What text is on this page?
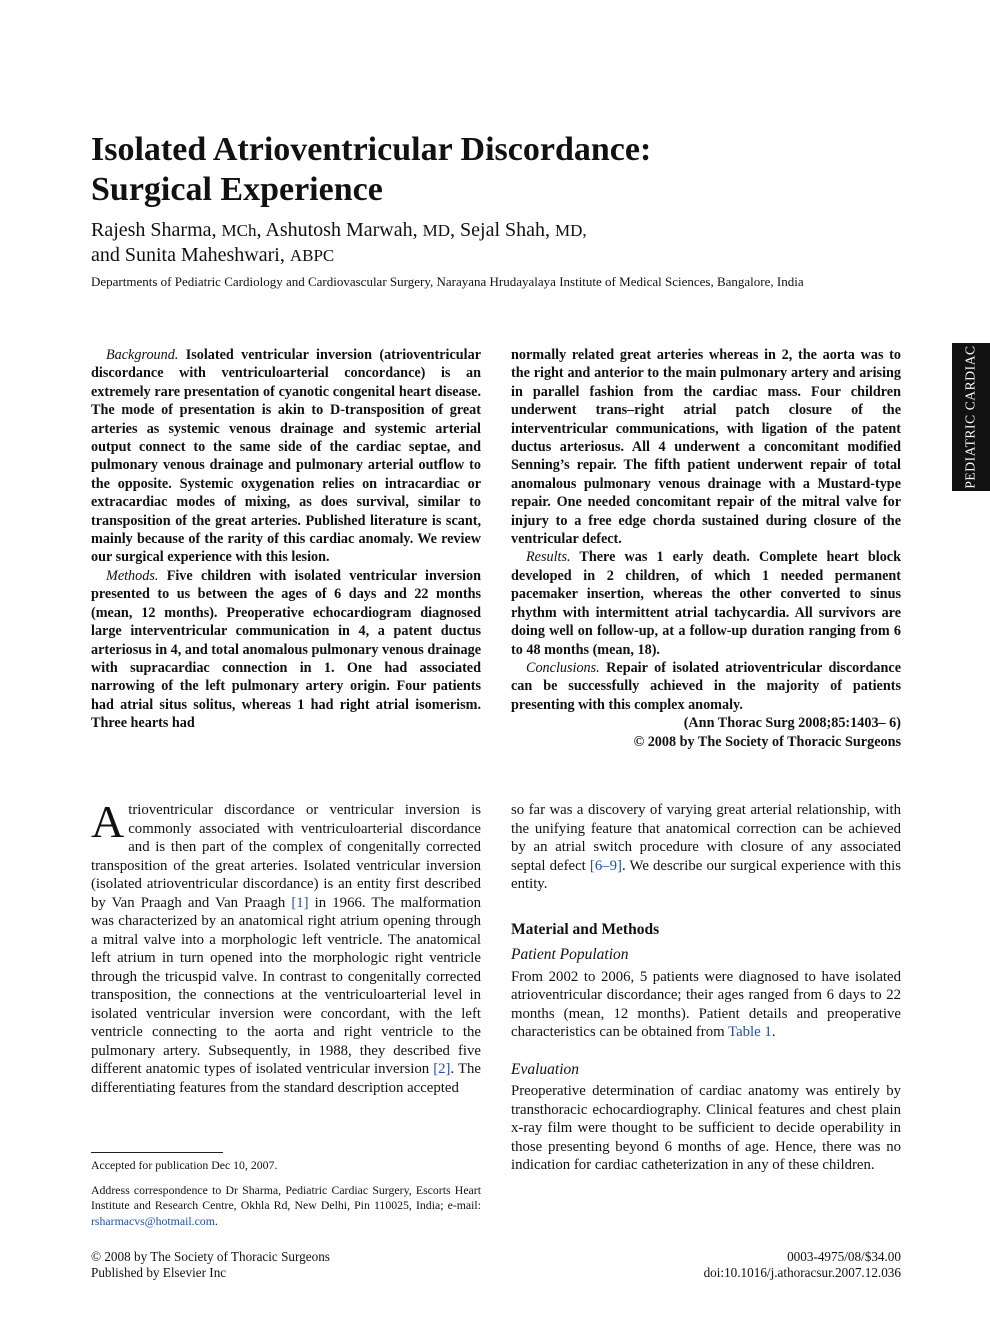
Isolated Atrioventricular Discordance:
Surgical Experience
Rajesh Sharma, MCh, Ashutosh Marwah, MD, Sejal Shah, MD,
and Sunita Maheshwari, ABPC
Departments of Pediatric Cardiology and Cardiovascular Surgery, Narayana Hrudayalaya Institute of Medical Sciences, Bangalore, India
PEDIATRIC CARDIAC

Background. Isolated ventricular inversion (atrioventricular discordance with ventriculoarterial concordance) is an extremely rare presentation of cyanotic congenital heart disease. The mode of presentation is akin to D-transposition of great arteries as systemic venous drainage and systemic arterial output connect to the same side of the cardiac septae, and pulmonary venous drainage and pulmonary arterial outflow to the opposite. Systemic oxygenation relies on intracardiac or extracardiac modes of mixing, as does survival, similar to transposition of the great arteries. Published literature is scant, mainly because of the rarity of this cardiac anomaly. We review our surgical experience with this lesion.

Methods. Five children with isolated ventricular inversion presented to us between the ages of 6 days and 22 months (mean, 12 months). Preoperative echocardiogram diagnosed large interventricular communication in 4, a patent ductus arteriosus in 4, and total anomalous pulmonary venous drainage with supracardiac connection in 1. One had associated narrowing of the left pulmonary artery origin. Four patients had atrial situs solitus, whereas 1 had right atrial isomerism. Three hearts had

normally related great arteries whereas in 2, the aorta was to the right and anterior to the main pulmonary artery and arising in parallel fashion from the cardiac mass. Four children underwent trans–right atrial patch closure of the interventricular communications, with ligation of the patent ductus arteriosus. All 4 underwent a concomitant modified Senning’s repair. The fifth patient underwent repair of total anomalous pulmonary venous drainage with a Mustard-type repair. One needed concomitant repair of the mitral valve for injury to a free edge chorda sustained during closure of the ventricular defect.

Results. There was 1 early death. Complete heart block developed in 2 children, of which 1 needed permanent pacemaker insertion, whereas the other converted to sinus rhythm with intermittent atrial tachycardia. All survivors are doing well on follow-up, at a follow-up duration ranging from 6 to 48 months (mean, 18).

Conclusions. Repair of isolated atrioventricular discordance can be successfully achieved in the majority of patients presenting with this complex anomaly.

(Ann Thorac Surg 2008;85:1403– 6)

© 2008 by The Society of Thoracic Surgeons

Atrioventricular discordance or ventricular inversion is commonly associated with ventriculoarterial discordance and is then part of the complex of congenitally corrected transposition of the great arteries. Isolated ventricular inversion (isolated atrioventricular discordance) is an entity first described by Van Praagh and Van Praagh [1] in 1966. The malformation was characterized by an anatomical right atrium opening through a mitral valve into a morphologic left ventricle. The anatomical left atrium in turn opened into the morphologic right ventricle through the tricuspid valve. In contrast to congenitally corrected transposition, the connections at the ventriculoarterial level in isolated ventricular inversion were concordant, with the left ventricle connecting to the aorta and right ventricle to the pulmonary artery. Subsequently, in 1988, they described five different anatomic types of isolated ventricular inversion [2]. The differentiating features from the standard description accepted

so far was a discovery of varying great arterial relationship, with the unifying feature that anatomical correction can be achieved by an atrial switch procedure with closure of any associated septal defect [6–9]. We describe our surgical experience with this entity.

Material and Methods

Patient Population

From 2002 to 2006, 5 patients were diagnosed to have isolated atrioventricular discordance; their ages ranged from 6 days to 22 months (mean, 12 months). Patient details and preoperative characteristics can be obtained from Table 1.

Evaluation

Preoperative determination of cardiac anatomy was entirely by transthoracic echocardiography. Clinical features and chest plain x-ray film were thought to be sufficient to decide operability in those presenting beyond 6 months of age. Hence, there was no indication for cardiac catheterization in any of these children.

Accepted for publication Dec 10, 2007.

Address correspondence to Dr Sharma, Pediatric Cardiac Surgery, Escorts Heart Institute and Research Centre, Okhla Rd, New Delhi, Pin 110025, India; e-mail: rsharmacvs@hotmail.com.

© 2008 by The Society of Thoracic Surgeons
Published by Elsevier Inc
0003-4975/08/$34.00
doi:10.1016/j.athoracsur.2007.12.036
